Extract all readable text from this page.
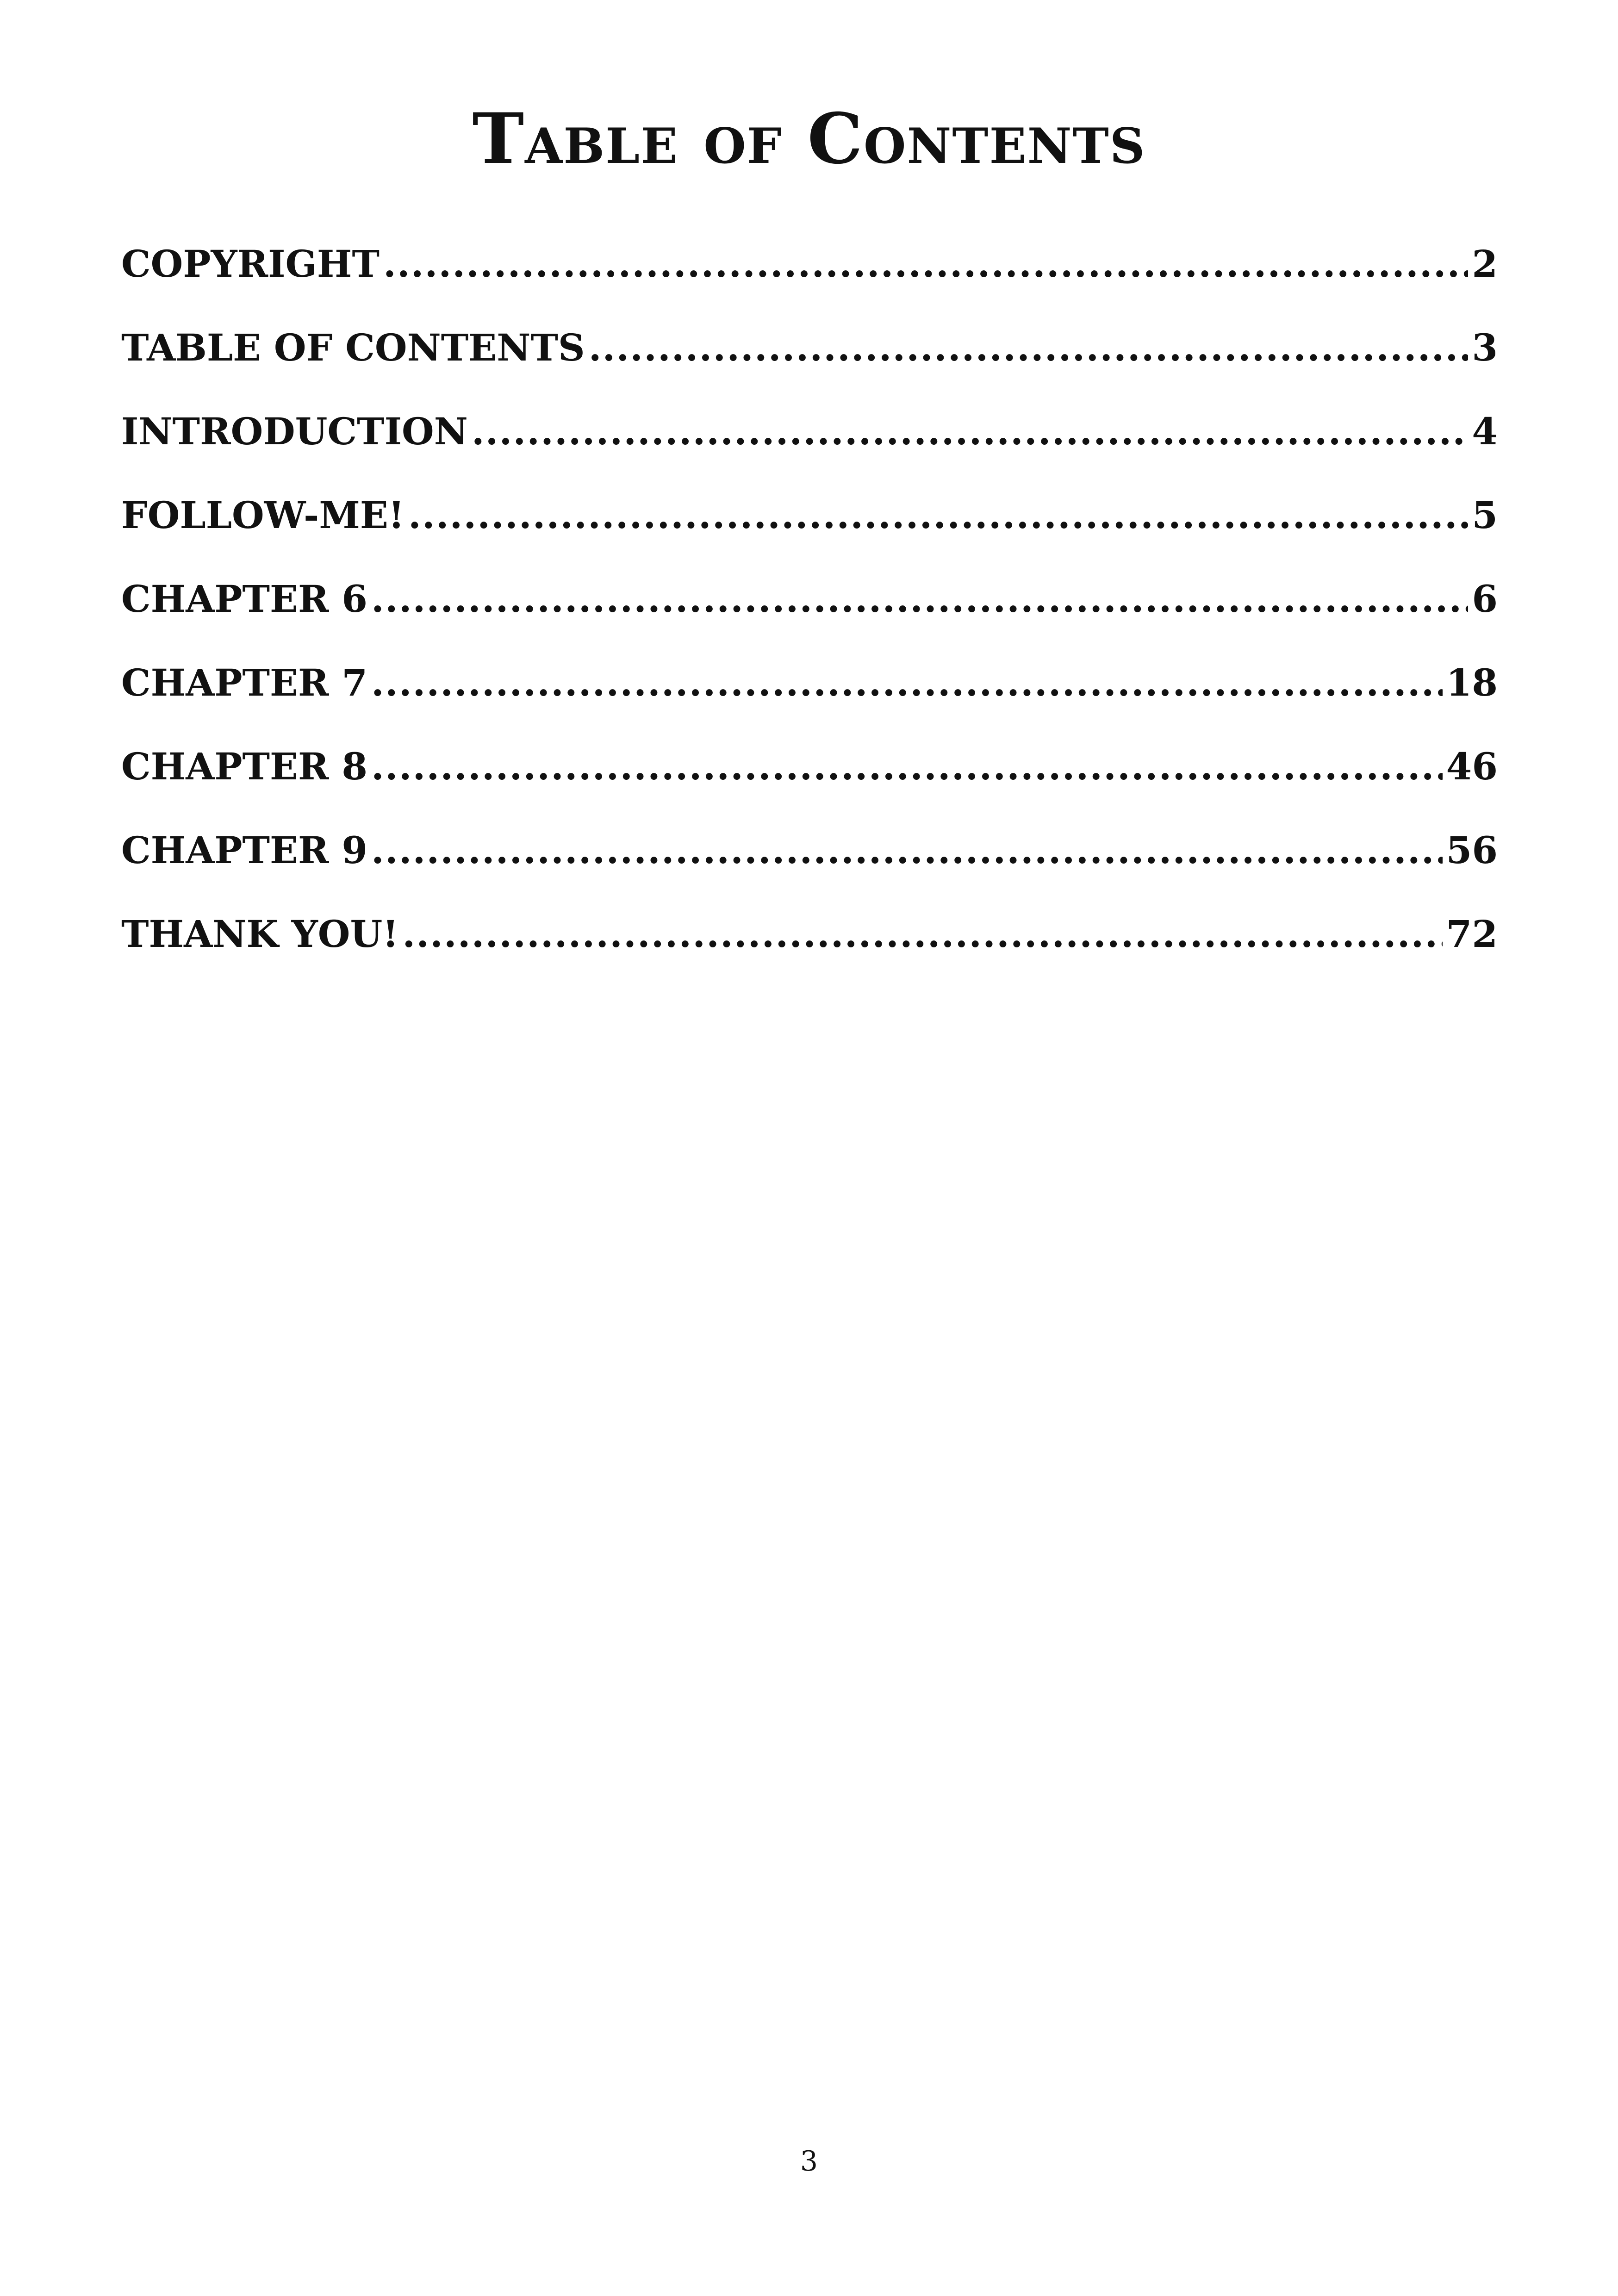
Table of Contents
COPYRIGHT .....	2
TABLE OF CONTENTS .....	3
INTRODUCTION .....	4
FOLLOW-ME! .....	5
CHAPTER 6 .....	6
CHAPTER 7 .....	18
CHAPTER 8 .....	46
CHAPTER 9 .....	56
THANK YOU! .....	72
3
